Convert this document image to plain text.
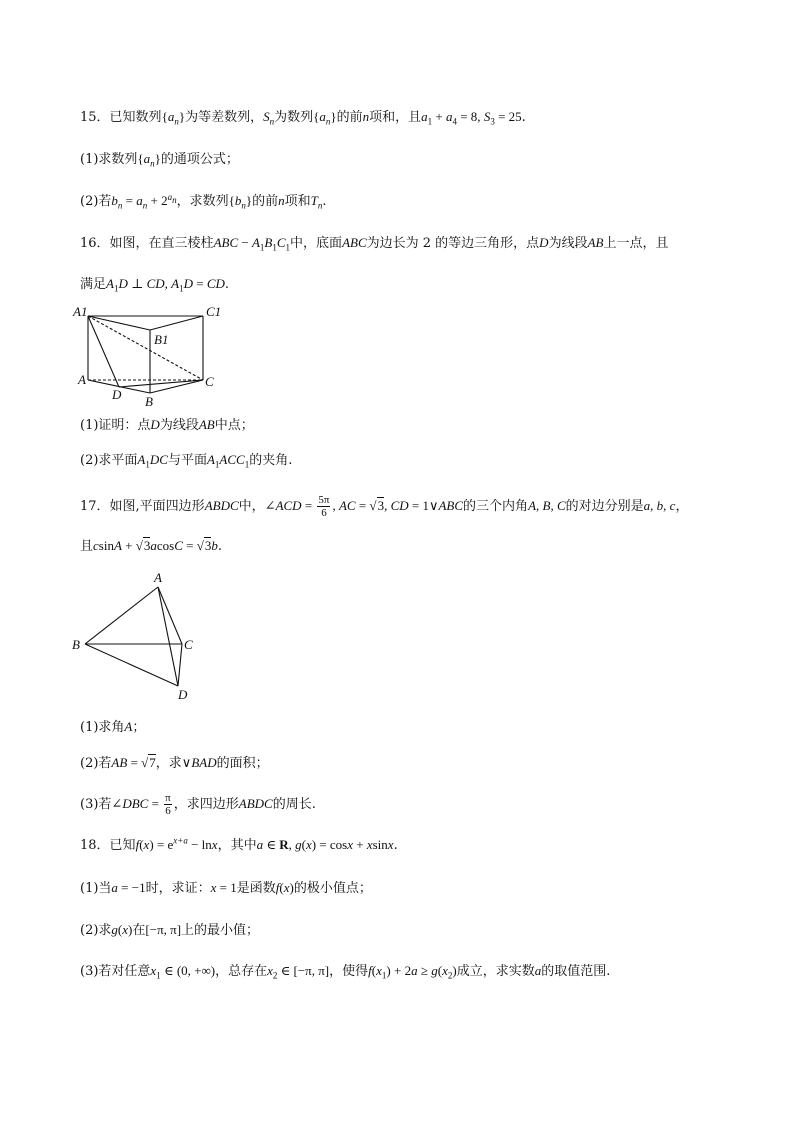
15．已知数列$\{a_n\}$为等差数列，$S_n$为数列$\{a_n\}$的前n项和，且$a_1 + a_4 = 8$, $S_3 = 25$.
(1)求数列$\{a_n\}$的通项公式；
(2)若$b_n = a_n + 2^{a_n}$，求数列$\{b_n\}$的前n项和$T_n$.
16．如图，在直三棱柱ABC − $A_1B_1C_1$中，底面ABC为边长为 2 的等边三角形，点D为线段AB上一点，且
满足$A_1D$ ⊥ CD, $A_1D$ = CD.
A1	C1
B1
A
D B
C
(1)证明：点D为线段AB中点；
(2)求平面$A_1DC$与平面$A_1ACC_1$的夹角.
17．如图,平面四边形ABDC中，∠ACD = $\frac{5\pi}{6}$ , AC = √3, CD = 1∨ABC的三个内角A, B, C的对边分别是a, b, c，
且csinA + √3acosC = √3b.
A
B	C
D
(1)求角A；
(2)若AB = √7，求∨BAD的面积；
(3)若∠DBC = $\frac{\pi}{6}$ ，求四边形ABDC的周长.
18．已知$f(x) = e^{x+a} - \ln x$，其中a ∈ R, g(x) = cosx + xsinx.
(1)当a = −1时，求证：x = 1是函数f(x)的极小值点；
(2)求g(x)在[−π, π]上的最小值；
(3)若对任意$x_1$ ∈ (0, +∞)，总存在$x_2$ ∈ [−π, π]，使得$f(x_1) + 2a \ge g(x_2)$成立，求实数a的取值范围.
